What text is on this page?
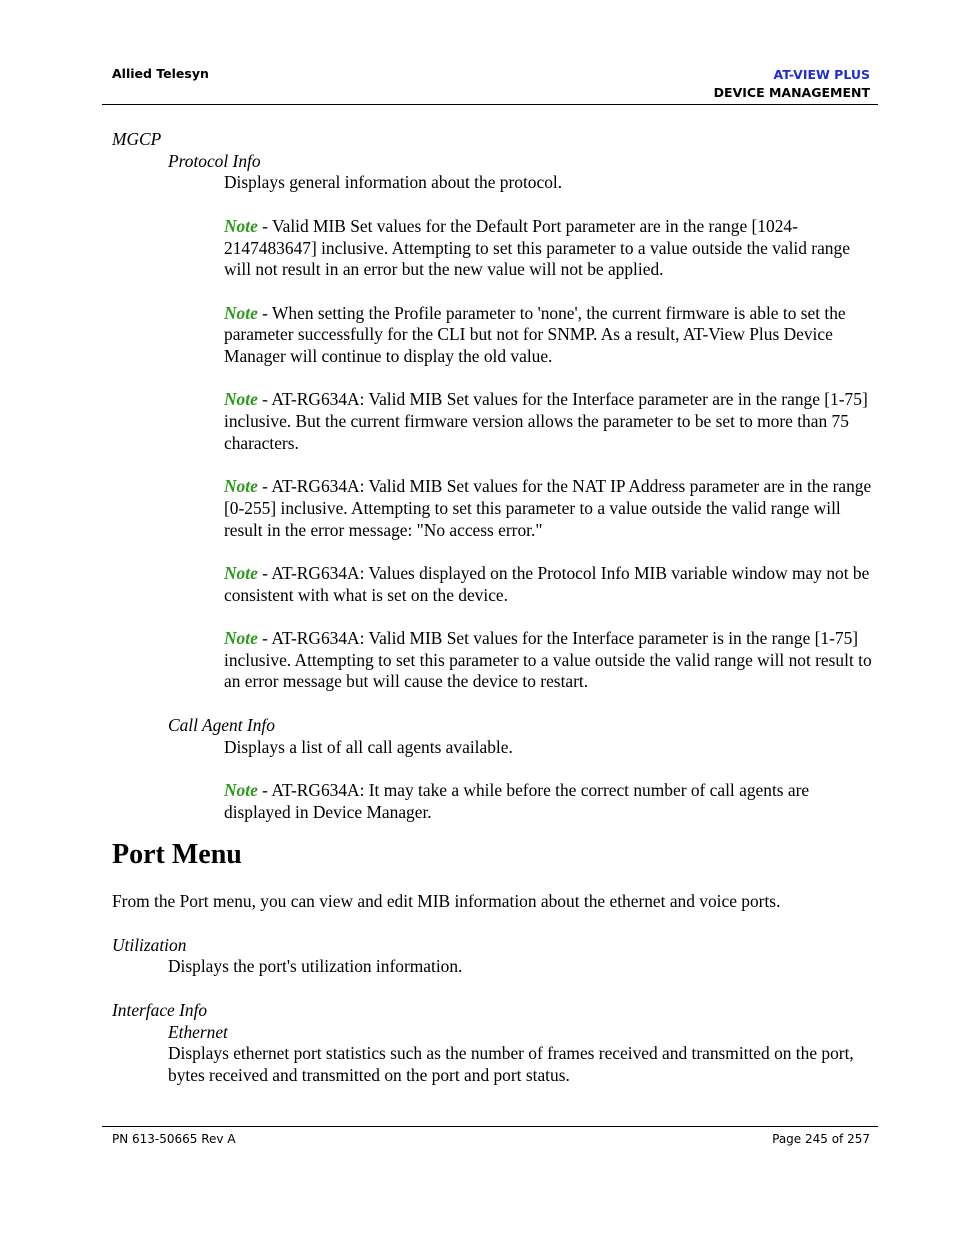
Allied Telesyn	AT-VIEW PLUS
DEVICE MANAGEMENT

MGCP

Protocol Info

Displays general information about the protocol.

Note - Valid MIB Set values for the Default Port parameter are in the range [1024-2147483647] inclusive. Attempting to set this parameter to a value outside the valid range will not result in an error but the new value will not be applied.

Note - When setting the Profile parameter to 'none', the current firmware is able to set the parameter successfully for the CLI but not for SNMP. As a result, AT-View Plus Device Manager will continue to display the old value.

Note - AT-RG634A: Valid MIB Set values for the Interface parameter are in the range [1-75] inclusive. But the current firmware version allows the parameter to be set to more than 75 characters.

Note - AT-RG634A: Valid MIB Set values for the NAT IP Address parameter are in the range [0-255] inclusive. Attempting to set this parameter to a value outside the valid range will result in the error message: "No access error."

Note - AT-RG634A: Values displayed on the Protocol Info MIB variable window may not be consistent with what is set on the device.

Note - AT-RG634A: Valid MIB Set values for the Interface parameter is in the range [1-75] inclusive. Attempting to set this parameter to a value outside the valid range will not result to an error message but will cause the device to restart.

Call Agent Info

Displays a list of all call agents available.

Note - AT-RG634A: It may take a while before the correct number of call agents are displayed in Device Manager.

Port Menu

From the Port menu, you can view and edit MIB information about the ethernet and voice ports.

Utilization

Displays the port's utilization information.

Interface Info

Ethernet

Displays ethernet port statistics such as the number of frames received and transmitted on the port, bytes received and transmitted on the port and port status.

PN 613-50665 Rev A	Page 245 of 257
